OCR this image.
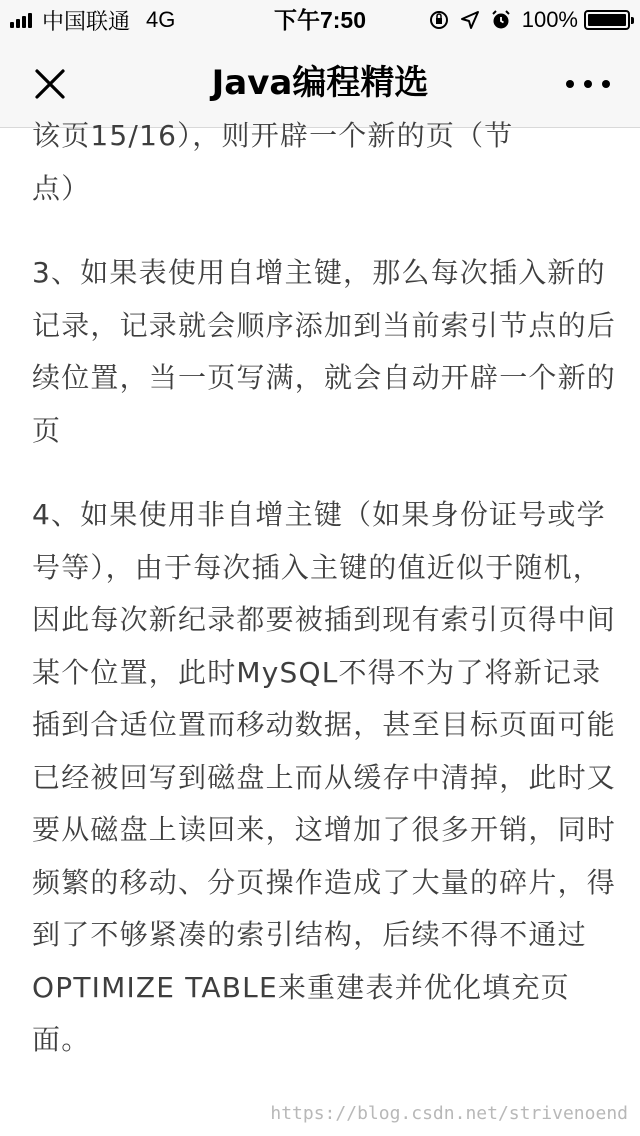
中国联通 4G	下午7:50	100%
Java编程精选

该页15/16），则开辟一个新的页（节
点）

3、如果表使用自增主键，那么每次插入新的记录，记录就会顺序添加到当前索引节点的后续位置，当一页写满，就会自动开辟一个新的页

4、如果使用非自增主键（如果身份证号或学号等），由于每次插入主键的值近似于随机，因此每次新纪录都要被插到现有索引页得中间某个位置，此时MySQL不得不为了将新记录插到合适位置而移动数据，甚至目标页面可能已经被回写到磁盘上而从缓存中清掉，此时又要从磁盘上读回来，这增加了很多开销，同时频繁的移动、分页操作造成了大量的碎片，得到了不够紧凑的索引结构，后续不得不通过OPTIMIZE TABLE来重建表并优化填充页面。

https://blog.csdn.net/strivenoend
